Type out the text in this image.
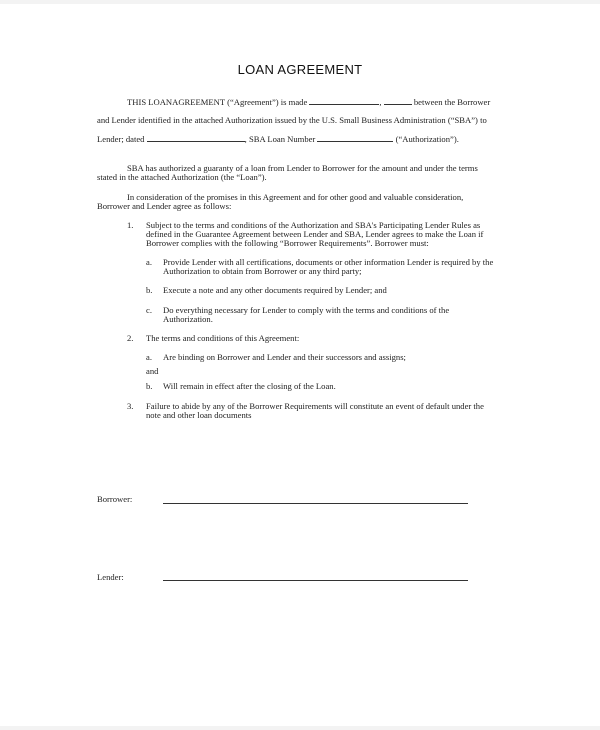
LOAN AGREEMENT
THIS LOANAGREEMENT (“Agreement”) is made	,	between the Borrower
and Lender identified in the attached Authorization issued by the U.S. Small Business Administration (“SBA”) to
Lender; dated	, SBA Loan Number	(“Authorization”).
SBA has authorized a guaranty of a loan from Lender to Borrower for the amount and under the terms
stated in the attached Authorization (the “Loan”).
In consideration of the promises in this Agreement and for other good and valuable consideration,
Borrower and Lender agree as follows:
1. Subject to the terms and conditions of the Authorization and SBA's Participating Lender Rules as
defined in the Guarantee Agreement between Lender and SBA, Lender agrees to make the Loan if
Borrower complies with the following “Borrower Requirements”. Borrower must:
a. Provide Lender with all certifications, documents or other information Lender is required by the
Authorization to obtain from Borrower or any third party;
b. Execute a note and any other documents required by Lender; and
c. Do everything necessary for Lender to comply with the terms and conditions of the
Authorization.
2. The terms and conditions of this Agreement:
a. Are binding on Borrower and Lender and their successors and assigns;
and
b. Will remain in effect after the closing of the Loan.
3. Failure to abide by any of the Borrower Requirements will constitute an event of default under the
note and other loan documents
Borrower:
Lender:
